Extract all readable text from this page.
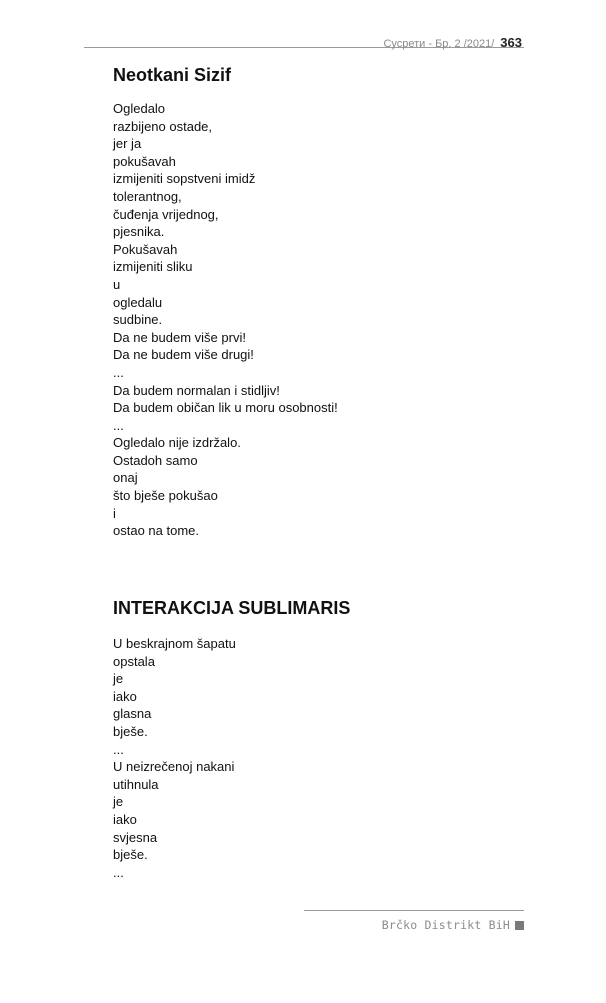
Сусрети - Бр. 2 /2021/ 363
Neotkani Sizif
Ogledalo
razbijeno ostade,
jer ja
pokušavah
izmijeniti sopstveni imidž
tolerantnog,
čuđenja vrijednog,
pjesnika.
Pokušavah
izmijeniti sliku
u
ogledalu
sudbine.
Da ne budem više prvi!
Da ne budem više drugi!
...
Da budem normalan i stidljiv!
Da budem običan lik u moru osobnosti!
...
Ogledalo nije izdržalo.
Ostadoh samo
onaj
što bješe pokušao
i
ostao na tome.
INTERAKCIJA SUBLIMARIS
U beskrajnom šapatu
opstala
je
iako
glasna
bješe.
...
U neizrečenoj nakani
utihnula
je
iako
svjesna
bješe.
...
Brčko Distrikt BiH
